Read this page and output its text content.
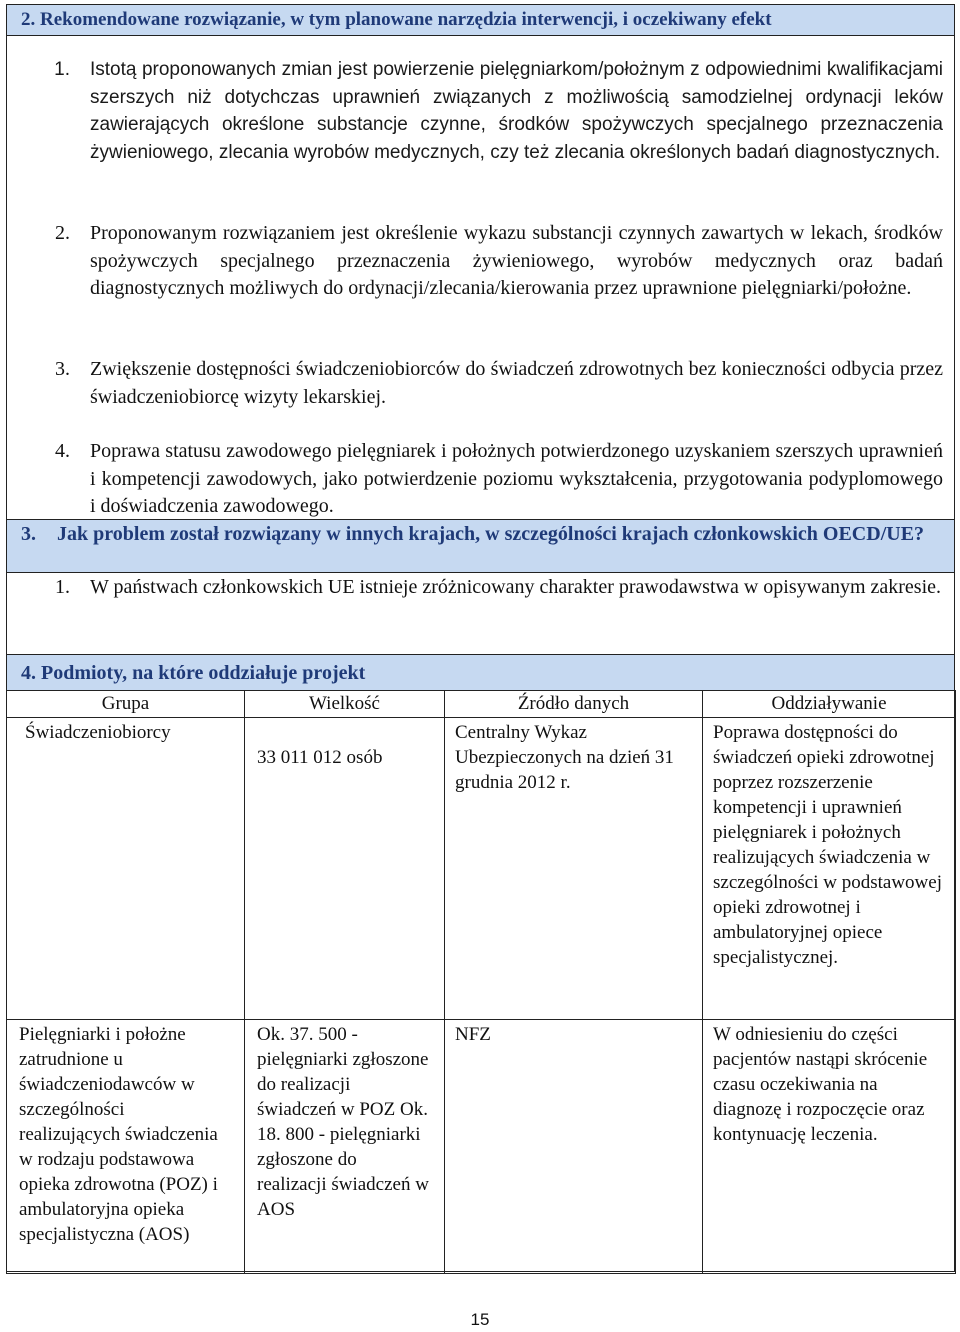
2. Rekomendowane rozwiązanie, w tym planowane narzędzia interwencji, i oczekiwany efekt
1. Istotą proponowanych zmian jest powierzenie pielęgniarkom/położnym z odpowiednimi kwalifikacjami szerszych niż dotychczas uprawnień związanych z możliwością samodzielnej ordynacji leków zawierających określone substancje czynne, środków spożywczych specjalnego przeznaczenia żywieniowego, zlecania wyrobów medycznych, czy też zlecania określonych badań diagnostycznych.
2. Proponowanym rozwiązaniem jest określenie wykazu substancji czynnych zawartych w lekach, środków spożywczych specjalnego przeznaczenia żywieniowego, wyrobów medycznych oraz badań diagnostycznych możliwych do ordynacji/zlecania/kierowania przez uprawnione pielęgniarki/położne.
3. Zwiększenie dostępności świadczeniobiorców do świadczeń zdrowotnych bez konieczności odbycia przez świadczeniobiorcę wizyty lekarskiej.
4. Poprawa statusu zawodowego pielęgniarek i położnych potwierdzonego uzyskaniem szerszych uprawnień i kompetencji zawodowych, jako potwierdzenie poziomu wykształcenia, przygotowania podyplomowego i doświadczenia zawodowego.
3. Jak problem został rozwiązany w innych krajach, w szczególności krajach członkowskich OECD/UE?
1. W państwach członkowskich UE istnieje zróżnicowany charakter prawodawstwa w opisywanym zakresie.
4. Podmioty, na które oddziałuje projekt
Grupa	Wielkość	Źródło danych	Oddziaływanie

Świadczeniobiorcy	33 011 012 osób	Centralny Wykaz Ubezpieczonych na dzień 31 grudnia 2012 r.	Poprawa dostępności do świadczeń opieki zdrowotnej poprzez rozszerzenie kompetencji i uprawnień pielęgniarek i położnych realizujących świadczenia w szczególności w podstawowej opieki zdrowotnej i ambulatoryjnej opiece specjalistycznej.

Pielęgniarki i położne zatrudnione u świadczeniodawców w szczególności realizujących świadczenia w rodzaju podstawowa opieka zdrowotna (POZ) i ambulatoryjna opieka specjalistyczna (AOS)	Ok. 37. 500 - pielęgniarki zgłoszone do realizacji świadczeń w POZ Ok. 18. 800 - pielęgniarki zgłoszone do realizacji świadczeń w AOS	NFZ	W odniesieniu do części pacjentów nastąpi skrócenie czasu oczekiwania na diagnozę i rozpoczęcie oraz kontynuację leczenia.
15
